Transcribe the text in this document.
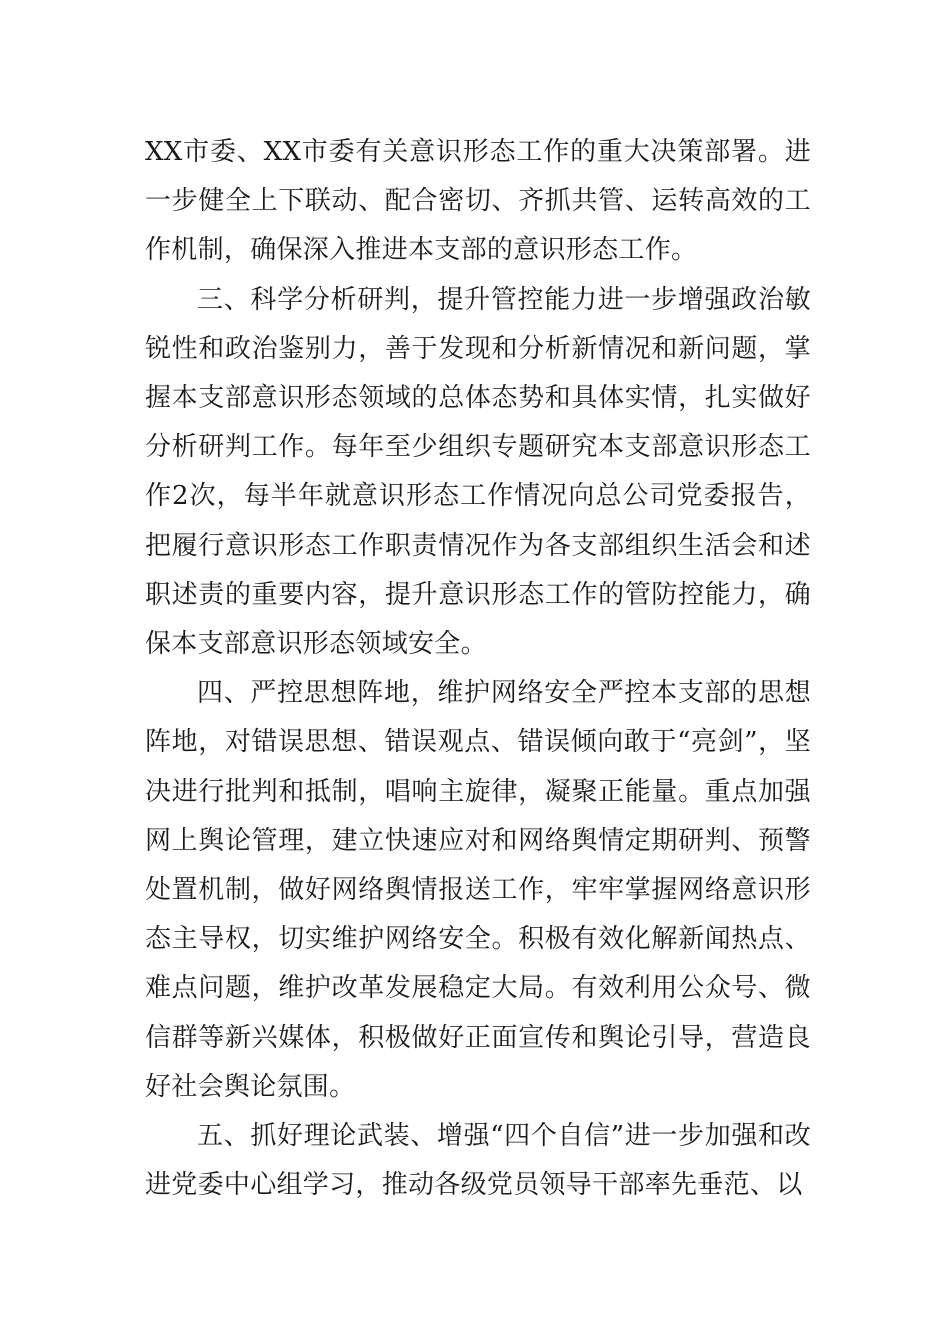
XX市委、XX市委有关意识形态工作的重大决策部署。进一步健全上下联动、配合密切、齐抓共管、运转高效的工作机制，确保深入推进本支部的意识形态工作。

三、科学分析研判，提升管控能力进一步增强政治敏锐性和政治鉴别力，善于发现和分析新情况和新问题，掌握本支部意识形态领域的总体态势和具体实情，扎实做好分析研判工作。每年至少组织专题研究本支部意识形态工作2次，每半年就意识形态工作情况向总公司党委报告，把履行意识形态工作职责情况作为各支部组织生活会和述职述责的重要内容，提升意识形态工作的管防控能力，确保本支部意识形态领域安全。

四、严控思想阵地，维护网络安全严控本支部的思想阵地，对错误思想、错误观点、错误倾向敢于“亮剑”，坚决进行批判和抵制，唱响主旋律，凝聚正能量。重点加强网上舆论管理，建立快速应对和网络舆情定期研判、预警处置机制，做好网络舆情报送工作，牢牢掌握网络意识形态主导权，切实维护网络安全。积极有效化解新闻热点、难点问题，维护改革发展稳定大局。有效利用公众号、微信群等新兴媒体，积极做好正面宣传和舆论引导，营造良好社会舆论氛围。

五、抓好理论武装、增强“四个自信”进一步加强和改进党委中心组学习，推动各级党员领导干部率先垂范、以
